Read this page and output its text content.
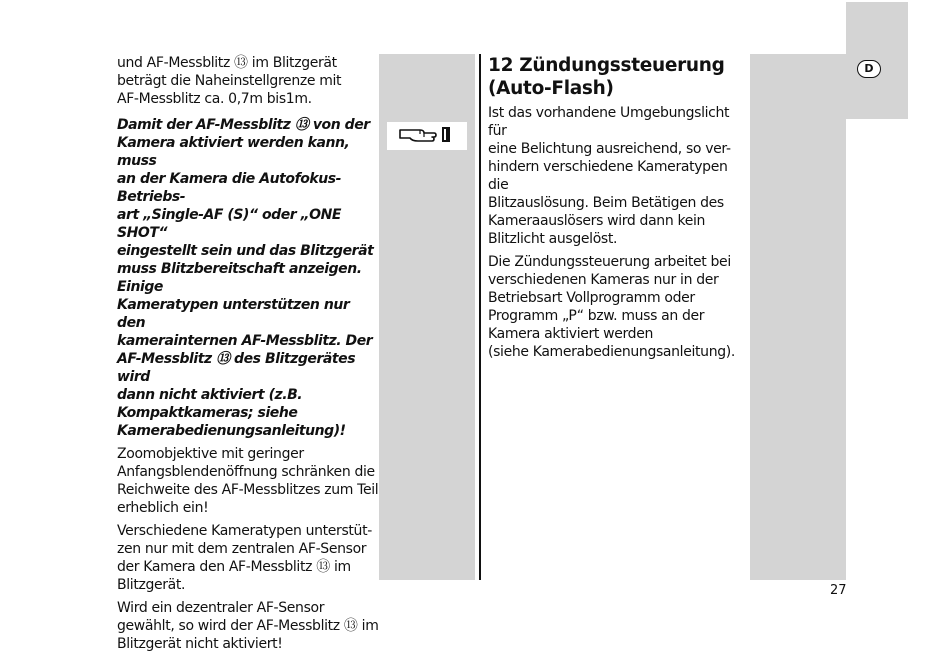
und AF-Messblitz ⑬ im Blitzgerät
beträgt die Naheinstellgrenze mit
AF-Messblitz ca. 0,7m bis1m.

Damit der AF-Messblitz ⑬ von der
Kamera aktiviert werden kann, muss
an der Kamera die Autofokus-Betriebs-
art „Single-AF (S)“ oder „ONE SHOT“
eingestellt sein und das Blitzgerät
muss Blitzbereitschaft anzeigen. Einige
Kameratypen unterstützen nur den
kamerainternen AF-Messblitz. Der
AF-Messblitz ⑬ des Blitzgerätes wird
dann nicht aktiviert (z.B.
Kompaktkameras; siehe
Kamerabedienungsanleitung)!

Zoomobjektive mit geringer
Anfangsblendenöffnung schränken die
Reichweite des AF-Messblitzes zum Teil
erheblich ein!

Verschiedene Kameratypen unterstüt-
zen nur mit dem zentralen AF-Sensor
der Kamera den AF-Messblitz ⑬ im
Blitzgerät.

Wird ein dezentraler AF-Sensor
gewählt, so wird der AF-Messblitz ⑬ im
Blitzgerät nicht aktiviert!

12 Zündungssteuerung
(Auto-Flash)

Ist das vorhandene Umgebungslicht für
eine Belichtung ausreichend, so ver-
hindern verschiedene Kameratypen die
Blitzauslösung. Beim Betätigen des
Kameraauslösers wird dann kein
Blitzlicht ausgelöst.

Die Zündungssteuerung arbeitet bei
verschiedenen Kameras nur in der
Betriebsart Vollprogramm oder
Programm „P“ bzw. muss an der
Kamera aktiviert werden
(siehe Kamerabedienungsanleitung).

D
27
